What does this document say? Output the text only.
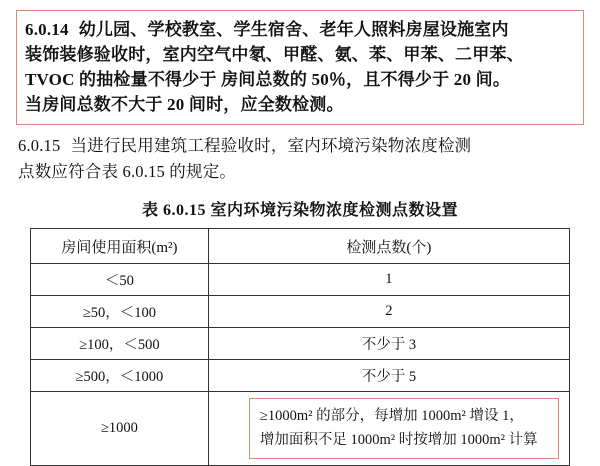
6.0.14 幼儿园、学校教室、学生宿舍、老年人照料房屋设施室内
装饰装修验收时，室内空气中氡、甲醛、氨、苯、甲苯、二甲苯、
TVOC 的抽检量不得少于 房间总数的 50％，且不得少于 20 间。
当房间总数不大于 20 间时，应全数检测。
6.0.15 当进行民用建筑工程验收时，室内环境污染物浓度检测
点数应符合表 6.0.15 的规定。
表 6.0.15 室内环境污染物浓度检测点数设置
房间使用面积(m²)	检测点数(个)
＜50	1
≥50，＜100	2
≥100，＜500	不少于 3
≥500，＜1000	不少于 5
≥1000	≥1000m² 的部分，每增加 1000m² 增设 1，
增加面积不足 1000m² 时按增加 1000m² 计算
